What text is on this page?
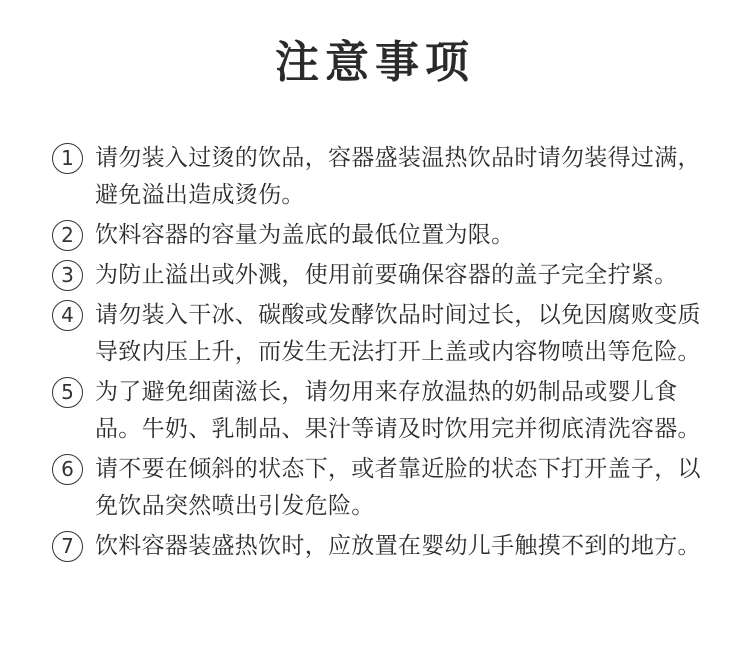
注意事项
1 请勿装入过烫的饮品，容器盛装温热饮品时请勿装得过满，避免溢出造成烫伤。
2 饮料容器的容量为盖底的最低位置为限。
3 为防止溢出或外溅，使用前要确保容器的盖子完全拧紧。
4 请勿装入干冰、碳酸或发酵饮品时间过长，以免因腐败变质导致内压上升，而发生无法打开上盖或内容物喷出等危险。
5 为了避免细菌滋长，请勿用来存放温热的奶制品或婴儿食品。牛奶、乳制品、果汁等请及时饮用完并彻底清洗容器。
6 请不要在倾斜的状态下，或者靠近脸的状态下打开盖子，以免饮品突然喷出引发危险。
7 饮料容器装盛热饮时，应放置在婴幼儿手触摸不到的地方。
